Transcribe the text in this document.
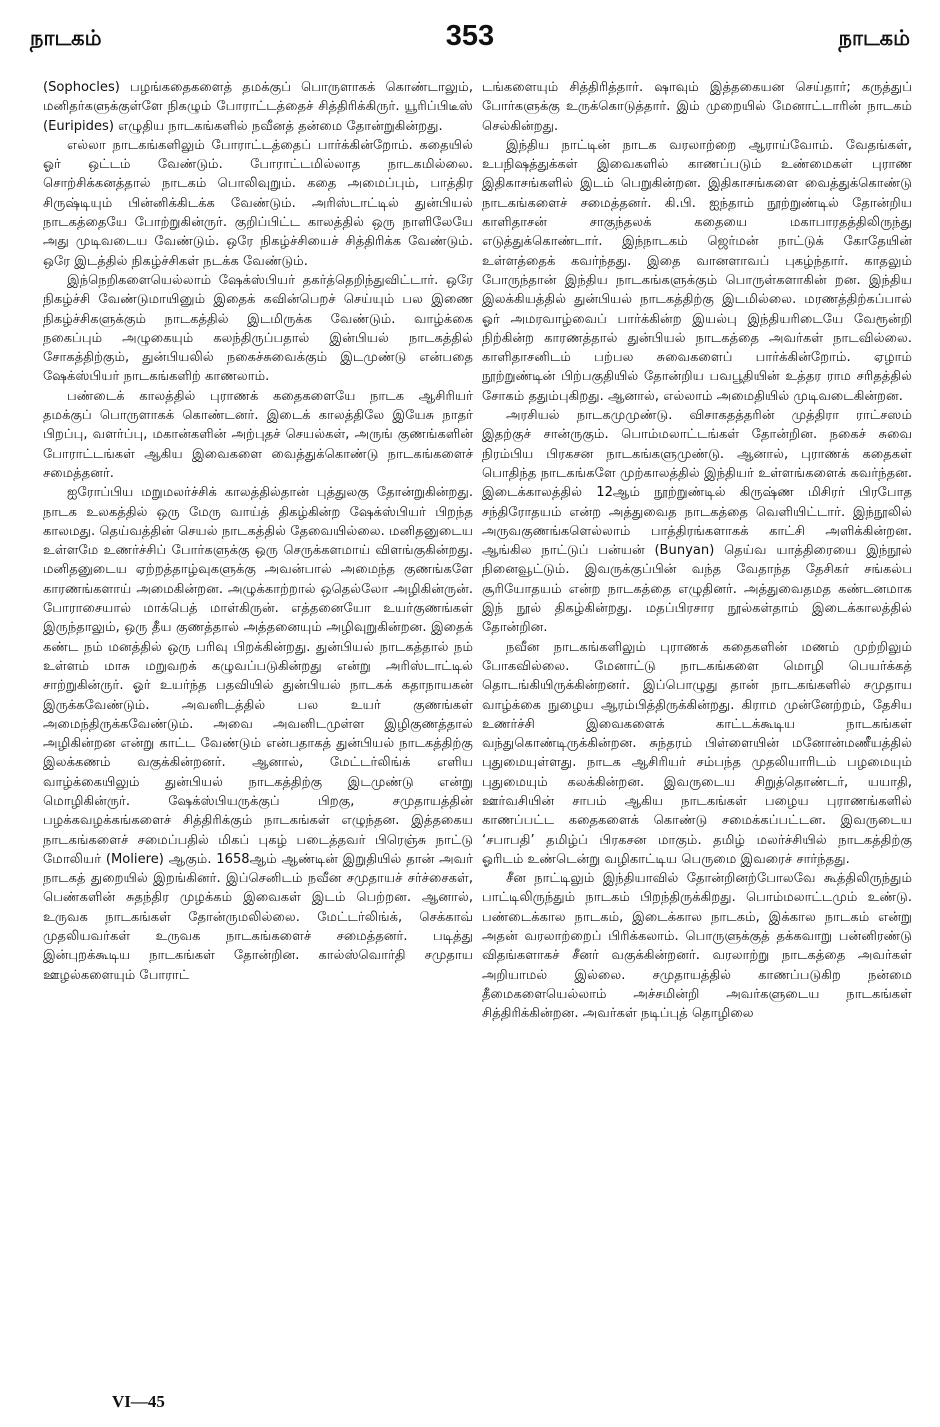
நாடகம்	353	நாடகம்

(Sophocles) பழங்கதைகளைத் தமக்குப் பொருளாகக் கொண்டாலும், மனிதர்களுக்குள்ளே நிகழும் போராட்டத்தைச் சித்திரிக்கிருர். யூரிப்பிடீஸ் (Euripides) எழுதிய நாடகங்களில் நவீனத் தன்மை தோன்றுகின்றது.

எல்லா நாடகங்களிலும் போராட்டத்தைப் பார்க்கின்றோம். கதையில் ஓர் ஒட்டம் வேண்டும். போராட்டமில்லாத நாடகமில்லை. சொற்சிக்கனத்தால் நாடகம் பொலிவுறும். கதை அமைப்பும், பாத்திர சிருஷ்டியும் பின்னிக்கிடக்க வேண்டும். அரிஸ்டாட்டில் துன்பியல் நாடகத்தையே போற்றுகின்ருர். குறிப்பிட்ட காலத்தில் ஒரு நாளிலேயே அது முடிவடைய வேண்டும். ஒரே நிகழ்ச்சியைச் சித்திரிக்க வேண்டும். ஒரே இடத்தில் நிகழ்ச்சிகள் நடக்க வேண்டும்.

இந்நெறிகளையெல்லாம் ஷேக்ஸ்பியர் தகர்த்தெறிந்துவிட்டார். ஒரே நிகழ்ச்சி வேண்டுமாயினும் இதைக் கவின்பெறச் செய்யும் பல இணை நிகழ்ச்சிகளுக்கும் நாடகத்தில் இடமிருக்க வேண்டும். வாழ்க்கை நகைப்பும் அழுகையும் கலந்திருப்பதால் இன்பியல் நாடகத்தில் சோகத்திற்கும், துன்பியலில் நகைச்சுவைக்கும் இடமுண்டு என்பதை ஷேக்ஸ்பியர் நாடகங்களிற் காணலாம்.

பண்டைக் காலத்தில் புராணக் கதைகளையே நாடக ஆசிரியர் தமக்குப் பொருளாகக் கொண்டனர். இடைக் காலத்திலே இயேசு நாதர் பிறப்பு, வளர்ப்பு, மகான்களின் அற்புதச் செயல்கள், அருங் குணங்களின் போராட்டங்கள் ஆகிய இவைகளை வைத்துக்கொண்டு நாடகங்களைச் சமைத்தனர்.

ஐரோப்பிய மறுமலர்ச்சிக் காலத்தில்தான் புத்துலகு தோன்றுகின்றது. நாடக உலகத்தில் ஒரு மேரு வாய்த் திகழ்கின்ற ஷேக்ஸ்பியர் பிறந்த காலமது. தெய்வத்தின் செயல் நாடகத்தில் தேவையில்லை. மனிதனுடைய உள்ளமே உணர்ச்சிப் போர்களுக்கு ஒரு செருக்களமாய் விளங்குகின்றது. மனிதனுடைய ஏற்றத்தாழ்வுகளுக்கு அவன்பால் அமைந்த குணங்களே காரணங்களாய் அமைகின்றன. அழுக்காற்றால் ஒதெல்லோ அழிகின்ருன். போராசையால் மாக்பெத் மாள்கிருன். எத்தனையோ உயர்குணங்கள் இருந்தாலும், ஒரு தீய குணத்தால் அத்தனையும் அழிவுறுகின்றன. இதைக் கண்ட நம் மனத்தில் ஒரு பரிவு பிறக்கின்றது. துன்பியல் நாடகத்தால் நம் உள்ளம் மாசு மறுவறக் கழுவப்படுகின்றது என்று அரிஸ்டாட்டில் சாற்றுகின்ருர். ஓர் உயர்ந்த பதவியில் துன்பியல் நாடகக் கதாநாயகன் இருக்கவேண்டும். அவனிடத்தில் பல உயர் குணங்கள் அமைந்திருக்கவேண்டும். அவை அவனிடமுள்ள இழிகுணத்தால் அழிகின்றன என்று காட்ட வேண்டும் என்பதாகத் துன்பியல் நாடகத்திற்கு இலக்கணம் வகுக்கின்றனர். ஆனால், மேட்டர்லிங்க் எளிய வாழ்க்கையிலும் துன்பியல் நாடகத்திற்கு இடமுண்டு என்று மொழிகின்ருர். ஷேக்ஸ்பியருக்குப் பிறகு, சமுதாயத்தின் பழக்கவழக்கங்களைச் சித்திரிக்கும் நாடகங்கள் எழுந்தன. இத்தகைய நாடகங்களைச் சமைப்பதில் மிகப் புகழ் படைத்தவர் பிரெஞ்சு நாட்டு மோலியர் (Moliere) ஆகும். 1658ஆம் ஆண்டின் இறுதியில் தான் அவர் நாடகத் துறையில் இறங்கினர். இப்செனிடம் நவீன சமுதாயச் சர்ச்சைகள், பெண்களின் சுதந்திர முழக்கம் இவைகள் இடம் பெற்றன. ஆனால், உருவக நாடகங்கள் தோன்ருமலில்லை. மேட்டர்லிங்க், செக்காவ் முதலியவர்கள் உருவக நாடகங்களைச் சமைத்தனர். படித்து இன்புறக்கூடிய நாடகங்கள் தோன்றின. கால்ஸ்வொர்தி சமுதாய ஊழல்களையும் போராட்

டங்களையும் சித்திரித்தார். ஷாவும் இத்தகையன செய்தார்; கருத்துப் போர்களுக்கு உருக்கொடுத்தார். இம் முறையில் மேனாட்டாரின் நாடகம் செல்கின்றது.

இந்திய நாட்டின் நாடக வரலாற்றை ஆராய்வோம். வேதங்கள், உபநிஷத்துக்கள் இவைகளில் காணப்படும் உண்மைகள் புராண இதிகாசங்களில் இடம் பெறுகின்றன. இதிகாசங்களை வைத்துக்கொண்டு நாடகங்களைச் சமைத்தனர். கி.பி. ஐந்தாம் நூற்றுண்டில் தோன்றிய காளிதாசன் சாகுந்தலக் கதையை மகாபாரதத்திலிருந்து எடுத்துக்கொண்டார். இந்நாடகம் ஜெர்மன் நாட்டுக் கோதேயின் உள்ளத்தைக் கவர்ந்தது. இதை வானளாவப் புகழ்ந்தார். காதலும் போருந்தான் இந்திய நாடகங்களுக்கும் பொருள்களாகின் றன. இந்திய இலக்கியத்தில் துன்பியல் நாடகத்திற்கு இடமில்லை. மரணத்திற்கப்பால் ஓர் அமரவாழ்வைப் பார்க்கின்ற இயல்பு இந்தியரிடையே வேரூன்றி நிற்கின்ற காரணத்தால் துன்பியல் நாடகத்தை அவர்கள் நாடவில்லை. காளிதாசனிடம் பற்பல சுவைகளைப் பார்க்கின்றோம். ஏழாம் நூற்றுண்டின் பிற்பகுதியில் தோன்றிய பவபூதியின் உத்தர ராம சரிதத்தில் சோகம் ததும்புகிறது. ஆனால், எல்லாம் அமைதியில் முடிவடைகின்றன.

அரசியல் நாடகமுமுண்டு. விசாகதத்தரின் முத்திரா ராட்சஸம் இதற்குச் சான்ருகும். பொம்மலாட்டங்கள் தோன்றின. நகைச் சுவை நிரம்பிய பிரகசன நாடகங்களுமுண்டு. ஆனால், புராணக் கதைகள் பொதிந்த நாடகங்களே முற்காலத்தில் இந்தியர் உள்ளங்களைக் கவர்ந்தன. இடைக்காலத்தில் 12ஆம் நூற்றுண்டில் கிருஷ்ண மிசிரர் பிரபோத சந்திரோதயம் என்ற அத்துவைத நாடகத்தை வெளியிட்டார். இந்நூலில் அருவகுணங்களெல்லாம் பாத்திரங்களாகக் காட்சி அளிக்கின்றன. ஆங்கில நாட்டுப் பன்யன் (Bunyan) தெய்வ யாத்திரையை இந்நூல் நினைவூட்டும். இவருக்குப்பின் வந்த வேதாந்த தேசிகர் சங்கல்ப சூரியோதயம் என்ற நாடகத்தை எழுதினர். அத்துவைதமத கண்டனமாக இந் நூல் திகழ்கின்றது. மதப்பிரசார நூல்கள்தாம் இடைக்காலத்தில் தோன்றின.

நவீன நாடகங்களிலும் புராணக் கதைகளின் மணம் முற்றிலும் போகவில்லை. மேனாட்டு நாடகங்களை மொழி பெயர்க்கத் தொடங்கியிருக்கின்றனர். இப்பொழுது தான் நாடகங்களில் சமுதாய வாழ்க்கை நுழைய ஆரம்பித்திருக்கின்றது. கிராம முன்னேற்றம், தேசிய உணர்ச்சி இவைகளைக் காட்டக்கூடிய நாடகங்கள் வந்துகொண்டிருக்கின்றன. சுந்தரம் பிள்ளையின் மனோன்மணீயத்தில் புதுமையுள்ளது. நாடக ஆசிரியர் சம்பந்த முதலியாரிடம் பழமையும் புதுமையும் கலக்கின்றன. இவருடைய சிறுத்தொண்டர், யயாதி, ஊர்வசியின் சாபம் ஆகிய நாடகங்கள் பழைய புராணங்களில் காணப்பட்ட கதைகளைக் கொண்டு சமைக்கப்பட்டன. இவருடைய ‘சபாபதி’ தமிழ்ப் பிரகசன மாகும். தமிழ் மலர்ச்சியில் நாடகத்திற்கு ஓரிடம் உண்டென்று வழிகாட்டிய பெருமை இவரைச் சார்ந்தது.

சீன நாட்டிலும் இந்தியாவில் தோன்றினற்போலவே கூத்திலிருந்தும் பாட்டிலிருந்தும் நாடகம் பிறந்திருக்கிறது. பொம்மலாட்டமும் உண்டு. பண்டைக்கால நாடகம், இடைக்கால நாடகம், இக்கால நாடகம் என்று அதன் வரலாற்றைப் பிரிக்கலாம். பொருளுக்குத் தக்கவாறு பன்னிரண்டு விதங்களாகச் சீனர் வகுக்கின்றனர். வரலாற்று நாடகத்தை அவர்கள் அறியாமல் இல்லை. சமுதாயத்தில் காணப்படுகிற நன்மை தீமைகளையெல்லாம் அச்சமின்றி அவர்களுடைய நாடகங்கள் சித்திரிக்கின்றன. அவர்கள் நடிப்புத் தொழிலை

VI—45
